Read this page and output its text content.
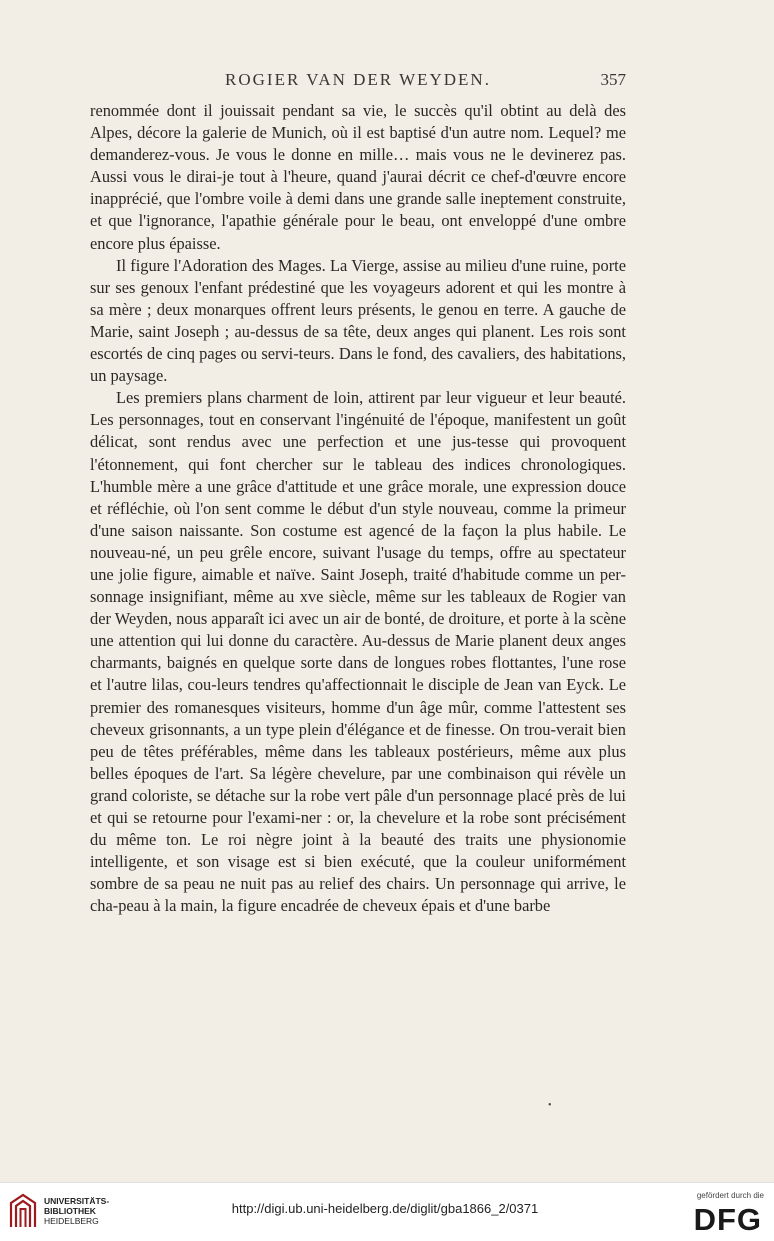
ROGIER VAN DER WEYDEN.	357

renommée dont il jouissait pendant sa vie, le succès qu'il obtint au delà des Alpes, décore la galerie de Munich, où il est baptisé d'un autre nom. Lequel? me demanderez-vous. Je vous le donne en mille… mais vous ne le devinerez pas. Aussi vous le dirai-je tout à l'heure, quand j'aurai décrit ce chef-d'œuvre encore inapprécié, que l'ombre voile à demi dans une grande salle ineptement construite, et que l'ignorance, l'apathie générale pour le beau, ont enveloppé d'une ombre encore plus épaisse.

Il figure l'Adoration des Mages. La Vierge, assise au milieu d'une ruine, porte sur ses genoux l'enfant prédestiné que les voyageurs adorent et qui les montre à sa mère ; deux monarques offrent leurs présents, le genou en terre. A gauche de Marie, saint Joseph ; au-dessus de sa tête, deux anges qui planent. Les rois sont escortés de cinq pages ou servi-teurs. Dans le fond, des cavaliers, des habitations, un paysage.

Les premiers plans charment de loin, attirent par leur vigueur et leur beauté. Les personnages, tout en conservant l'ingénuité de l'époque, manifestent un goût délicat, sont rendus avec une perfection et une jus-tesse qui provoquent l'étonnement, qui font chercher sur le tableau des indices chronologiques. L'humble mère a une grâce d'attitude et une grâce morale, une expression douce et réfléchie, où l'on sent comme le début d'un style nouveau, comme la primeur d'une saison naissante. Son costume est agencé de la façon la plus habile. Le nouveau-né, un peu grêle encore, suivant l'usage du temps, offre au spectateur une jolie figure, aimable et naïve. Saint Joseph, traité d'habitude comme un per-sonnage insignifiant, même au xve siècle, même sur les tableaux de Rogier van der Weyden, nous apparaît ici avec un air de bonté, de droiture, et porte à la scène une attention qui lui donne du caractère. Au-dessus de Marie planent deux anges charmants, baignés en quelque sorte dans de longues robes flottantes, l'une rose et l'autre lilas, cou-leurs tendres qu'affectionnait le disciple de Jean van Eyck. Le premier des romanesques visiteurs, homme d'un âge mûr, comme l'attestent ses cheveux grisonnants, a un type plein d'élégance et de finesse. On trou-verait bien peu de têtes préférables, même dans les tableaux postérieurs, même aux plus belles époques de l'art. Sa légère chevelure, par une combinaison qui révèle un grand coloriste, se détache sur la robe vert pâle d'un personnage placé près de lui et qui se retourne pour l'exami-ner : or, la chevelure et la robe sont précisément du même ton. Le roi nègre joint à la beauté des traits une physionomie intelligente, et son visage est si bien exécuté, que la couleur uniformément sombre de sa peau ne nuit pas au relief des chairs. Un personnage qui arrive, le cha-peau à la main, la figure encadrée de cheveux épais et d'une barbe

•
UNIVERSITÄTS-
BIBLIOTHEK
HEIDELBERG
http://digi.ub.uni-heidelberg.de/diglit/gba1866_2/0371
gefördert durch die
DFG
